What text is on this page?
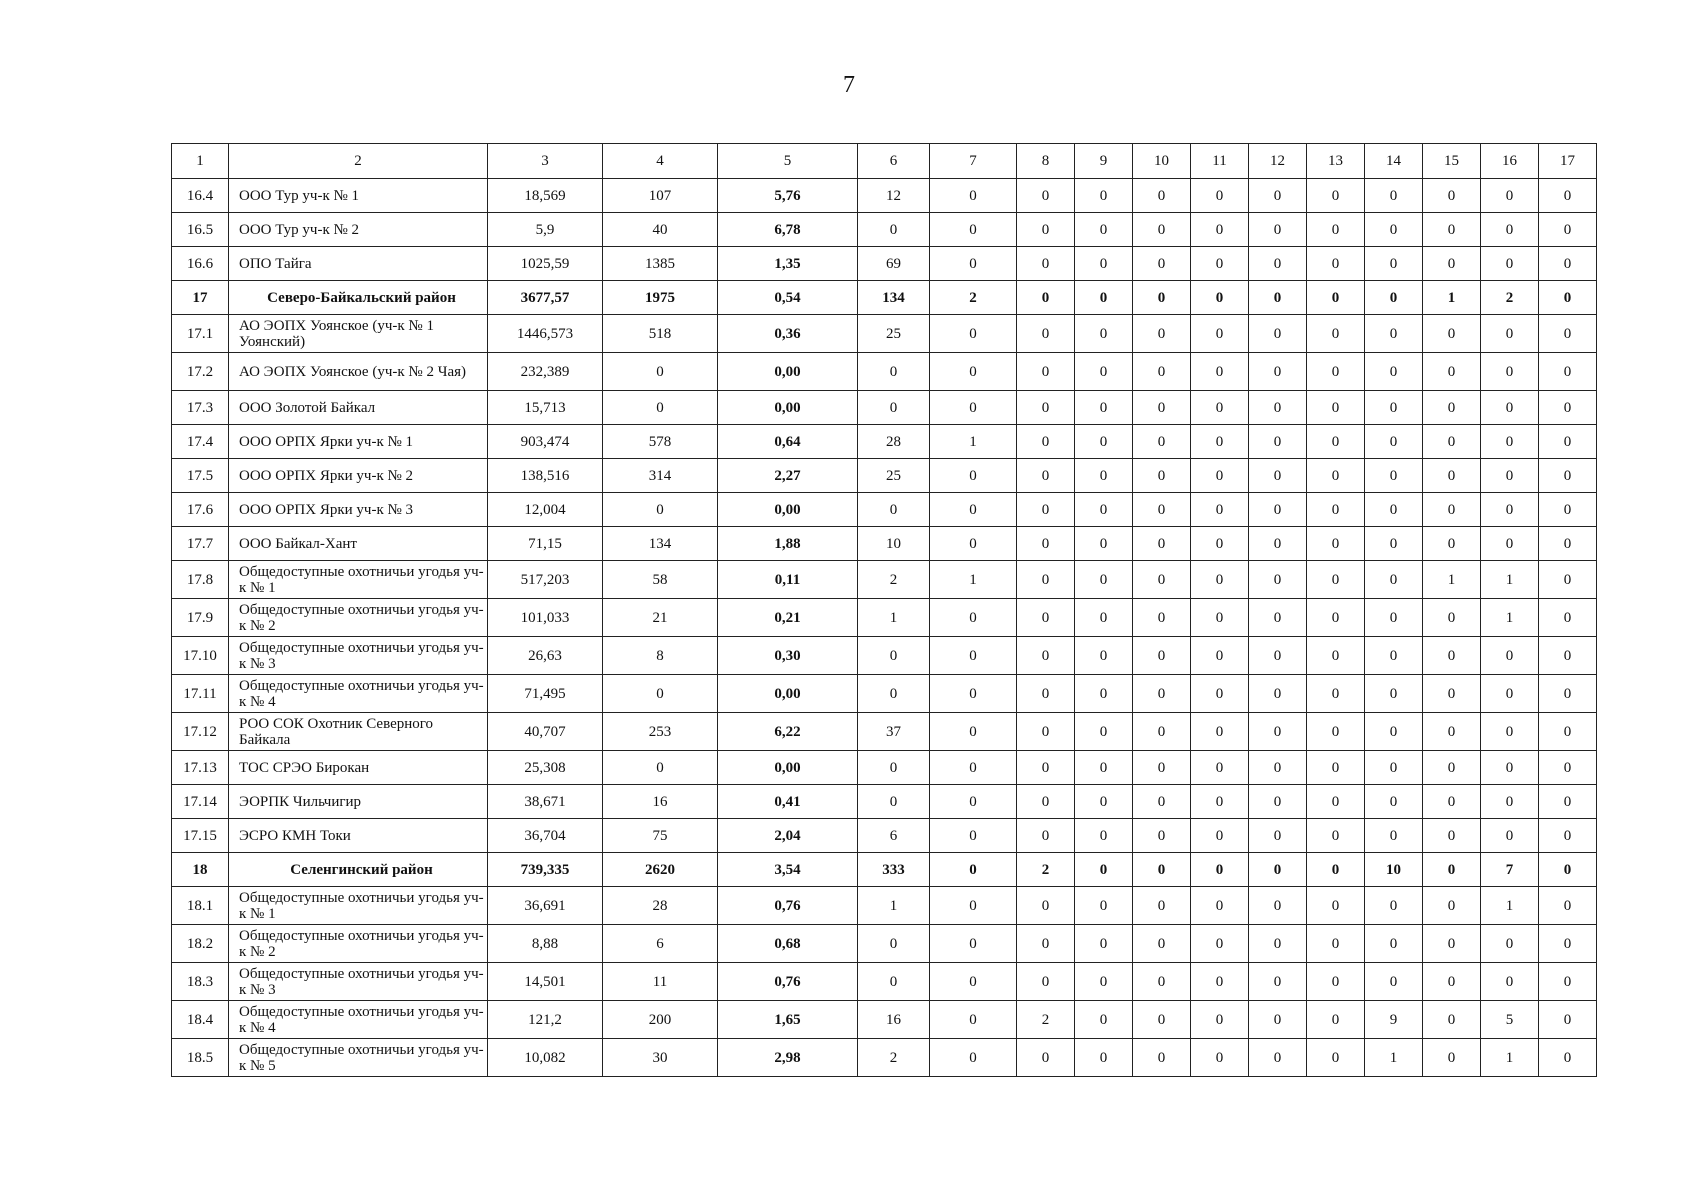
7
1	2	3	4	5	6	7	8	9	10	11	12	13	14	15	16	17
16.4	ООО Тур уч-к № 1	18,569	107	5,76	12	0	0	0	0	0	0	0	0	0	0	0
16.5	ООО Тур уч-к № 2	5,9	40	6,78	0	0	0	0	0	0	0	0	0	0	0	0
16.6	ОПО Тайга	1025,59	1385	1,35	69	0	0	0	0	0	0	0	0	0	0	0
17	Северо-Байкальский район	3677,57	1975	0,54	134	2	0	0	0	0	0	0	0	1	2	0
17.1	АО ЭОПХ Уоянское (уч-к № 1 Уоянский)	1446,573	518	0,36	25	0	0	0	0	0	0	0	0	0	0	0
17.2	АО ЭОПХ Уоянское (уч-к № 2 Чая)	232,389	0	0,00	0	0	0	0	0	0	0	0	0	0	0	0
17.3	ООО Золотой Байкал	15,713	0	0,00	0	0	0	0	0	0	0	0	0	0	0	0
17.4	ООО ОРПХ Ярки уч-к № 1	903,474	578	0,64	28	1	0	0	0	0	0	0	0	0	0	0
17.5	ООО ОРПХ Ярки уч-к № 2	138,516	314	2,27	25	0	0	0	0	0	0	0	0	0	0	0
17.6	ООО ОРПХ Ярки уч-к № 3	12,004	0	0,00	0	0	0	0	0	0	0	0	0	0	0	0
17.7	ООО Байкал-Хант	71,15	134	1,88	10	0	0	0	0	0	0	0	0	0	0	0
17.8	Общедоступные охотничьи угодья уч-к № 1	517,203	58	0,11	2	1	0	0	0	0	0	0	0	1	1	0
17.9	Общедоступные охотничьи угодья уч-к № 2	101,033	21	0,21	1	0	0	0	0	0	0	0	0	0	1	0
17.10	Общедоступные охотничьи угодья уч-к № 3	26,63	8	0,30	0	0	0	0	0	0	0	0	0	0	0	0
17.11	Общедоступные охотничьи угодья уч-к № 4	71,495	0	0,00	0	0	0	0	0	0	0	0	0	0	0	0
17.12	РОО СОК Охотник Северного Байкала	40,707	253	6,22	37	0	0	0	0	0	0	0	0	0	0	0
17.13	ТОС СРЭО Бирокан	25,308	0	0,00	0	0	0	0	0	0	0	0	0	0	0	0
17.14	ЭОРПК Чильчигир	38,671	16	0,41	0	0	0	0	0	0	0	0	0	0	0	0
17.15	ЭСРО КМН Токи	36,704	75	2,04	6	0	0	0	0	0	0	0	0	0	0	0
18	Селенгинский район	739,335	2620	3,54	333	0	2	0	0	0	0	0	10	0	7	0
18.1	Общедоступные охотничьи угодья уч-к № 1	36,691	28	0,76	1	0	0	0	0	0	0	0	0	0	1	0
18.2	Общедоступные охотничьи угодья уч-к № 2	8,88	6	0,68	0	0	0	0	0	0	0	0	0	0	0	0
18.3	Общедоступные охотничьи угодья уч-к № 3	14,501	11	0,76	0	0	0	0	0	0	0	0	0	0	0	0
18.4	Общедоступные охотничьи угодья уч-к № 4	121,2	200	1,65	16	0	2	0	0	0	0	0	9	0	5	0
18.5	Общедоступные охотничьи угодья уч-к № 5	10,082	30	2,98	2	0	0	0	0	0	0	0	1	0	1	0
